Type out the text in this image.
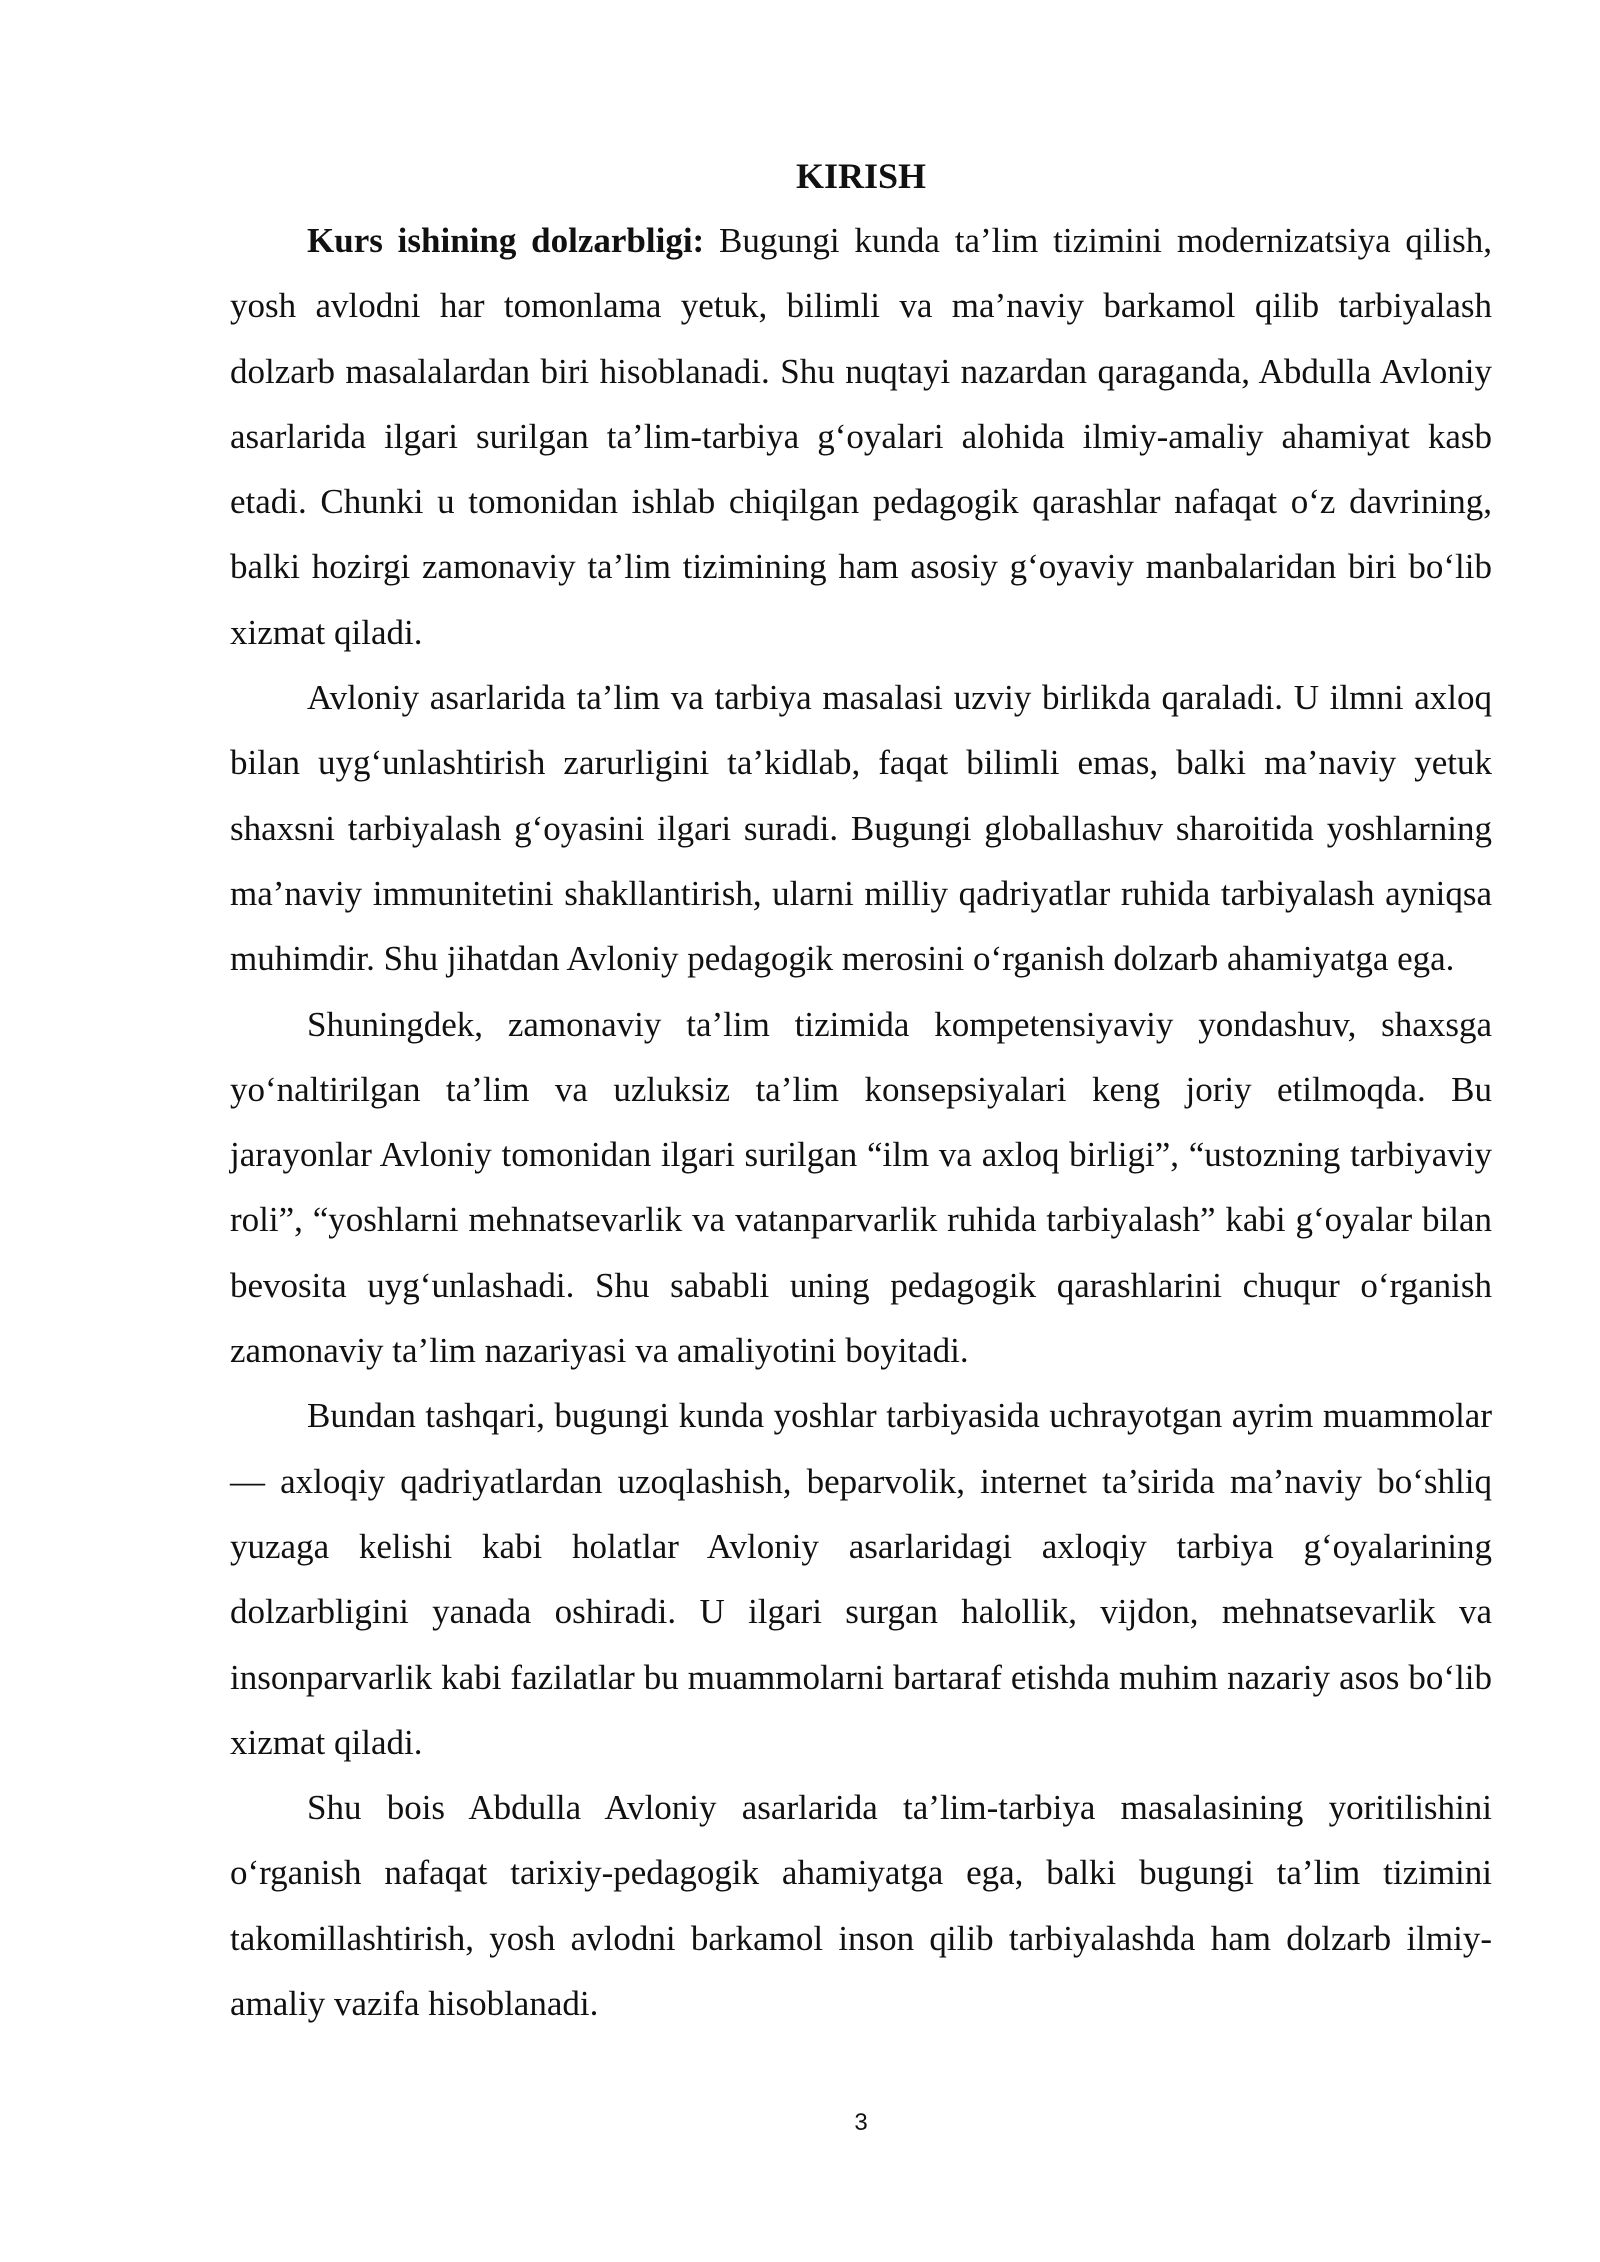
KIRISH

Kurs ishining dolzarbligi: Bugungi kunda ta’lim tizimini modernizatsiya qilish, yosh avlodni har tomonlama yetuk, bilimli va ma’naviy barkamol qilib tarbiyalash dolzarb masalalardan biri hisoblanadi. Shu nuqtayi nazardan qaraganda, Abdulla Avloniy asarlarida ilgari surilgan ta’lim-tarbiya g‘oyalari alohida ilmiy-amaliy ahamiyat kasb etadi. Chunki u tomonidan ishlab chiqilgan pedagogik qarashlar nafaqat o‘z davrining, balki hozirgi zamonaviy ta’lim tizimining ham asosiy g‘oyaviy manbalaridan biri bo‘lib xizmat qiladi.

Avloniy asarlarida ta’lim va tarbiya masalasi uzviy birlikda qaraladi. U ilmni axloq bilan uyg‘unlashtirish zarurligini ta’kidlab, faqat bilimli emas, balki ma’naviy yetuk shaxsni tarbiyalash g‘oyasini ilgari suradi. Bugungi globallashuv sharoitida yoshlarning ma’naviy immunitetini shakllantirish, ularni milliy qadriyatlar ruhida tarbiyalash ayniqsa muhimdir. Shu jihatdan Avloniy pedagogik merosini o‘rganish dolzarb ahamiyatga ega.

Shuningdek, zamonaviy ta’lim tizimida kompetensiyaviy yondashuv, shaxsga yo‘naltirilgan ta’lim va uzluksiz ta’lim konsepsiyalari keng joriy etilmoqda. Bu jarayonlar Avloniy tomonidan ilgari surilgan “ilm va axloq birligi”, “ustozning tarbiyaviy roli”, “yoshlarni mehnatsevarlik va vatanparvarlik ruhida tarbiyalash” kabi g‘oyalar bilan bevosita uyg‘unlashadi. Shu sababli uning pedagogik qarashlarini chuqur o‘rganish zamonaviy ta’lim nazariyasi va amaliyotini boyitadi.

Bundan tashqari, bugungi kunda yoshlar tarbiyasida uchrayotgan ayrim muammolar — axloqiy qadriyatlardan uzoqlashish, beparvolik, internet ta’sirida ma’naviy bo‘shliq yuzaga kelishi kabi holatlar Avloniy asarlaridagi axloqiy tarbiya g‘oyalarining dolzarbligini yanada oshiradi. U ilgari surgan halollik, vijdon, mehnatsevarlik va insonparvarlik kabi fazilatlar bu muammolarni bartaraf etishda muhim nazariy asos bo‘lib xizmat qiladi.

Shu bois Abdulla Avloniy asarlarida ta’lim-tarbiya masalasining yoritilishini o‘rganish nafaqat tarixiy-pedagogik ahamiyatga ega, balki bugungi ta’lim tizimini takomillashtirish, yosh avlodni barkamol inson qilib tarbiyalashda ham dolzarb ilmiy-amaliy vazifa hisoblanadi.

3
